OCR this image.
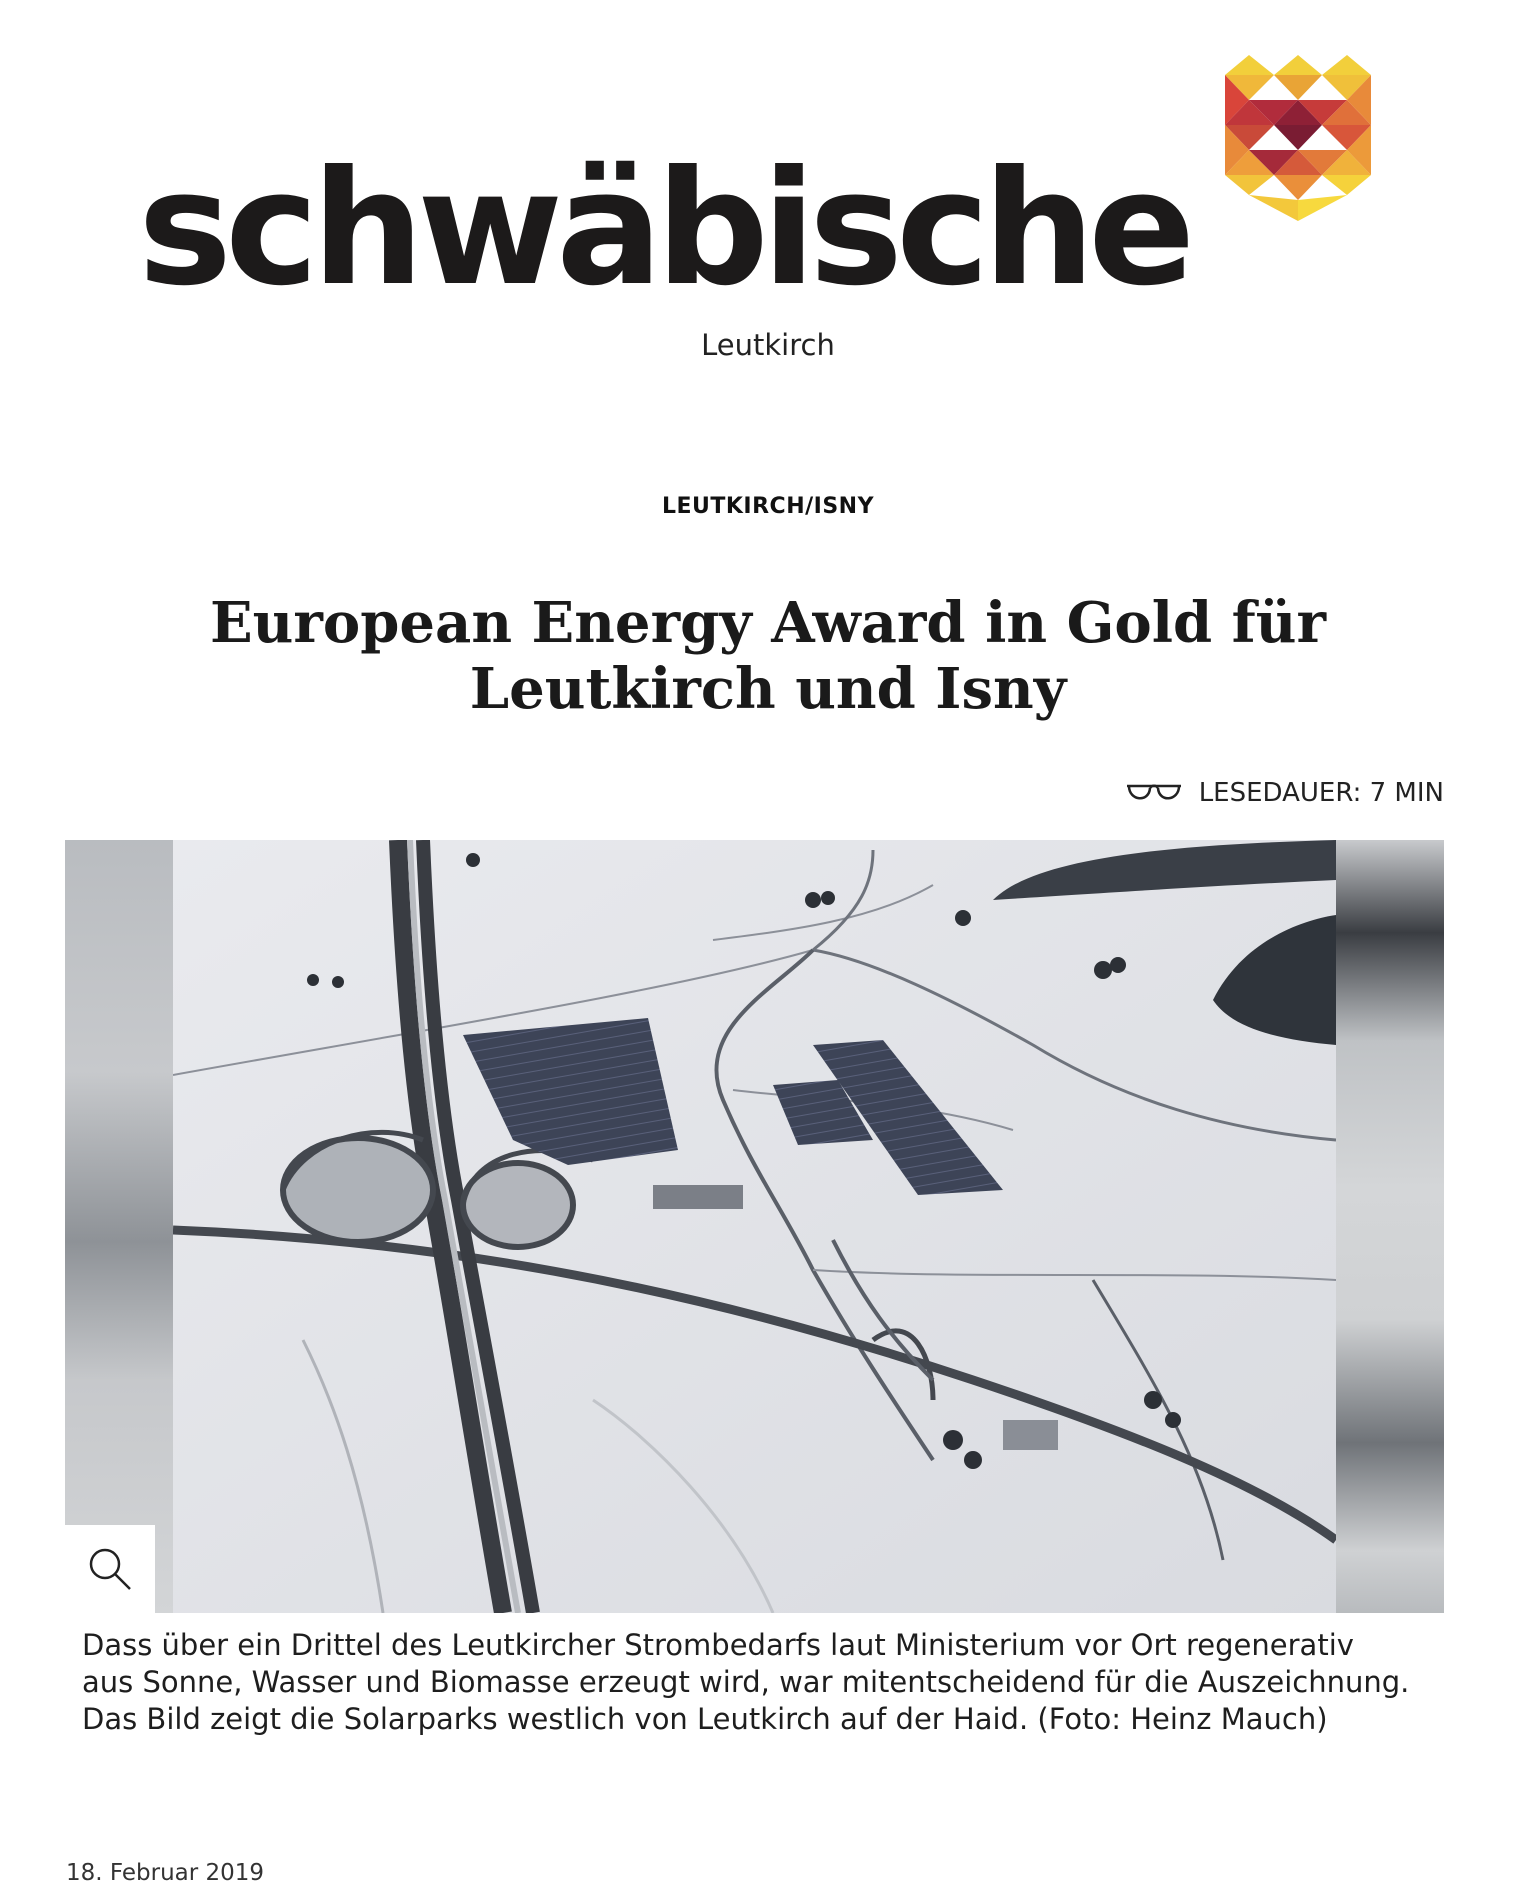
schwäbische
Leutkirch
LEUTKIRCH/ISNY
European Energy Award in Gold für Leutkirch und Isny
LESEDAUER: 7 MIN

Dass über ein Drittel des Leutkircher Strombedarfs laut Ministerium vor Ort regenerativ aus Sonne, Wasser und Biomasse erzeugt wird, war mitentscheidend für die Auszeichnung. Das Bild zeigt die Solarparks westlich von Leutkirch auf der Haid. (Foto: Heinz Mauch)

18. Februar 2019
